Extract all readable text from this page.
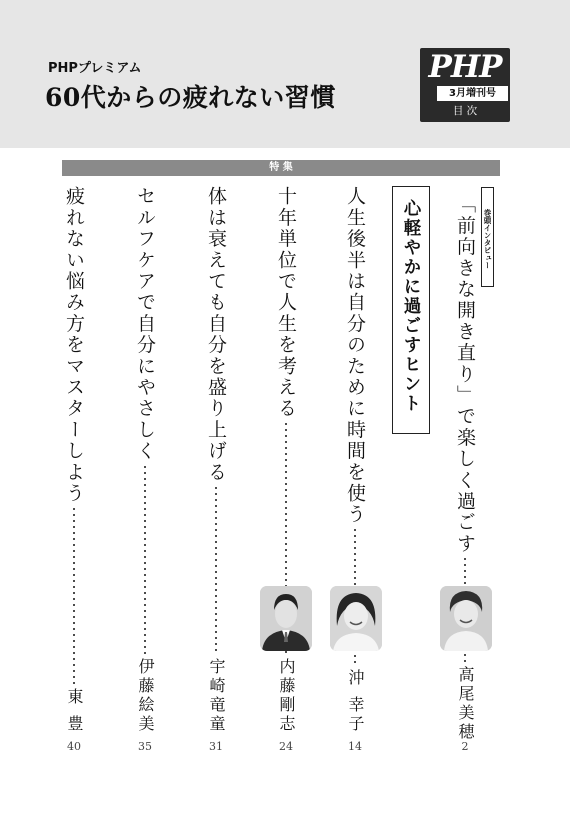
PHPプレミアム
60代からの疲れない習慣
PHP
3月増刊号
目 次
特 集
巻頭インタビュー
心軽やかに過ごすヒント 「前向きな開き直り」で楽しく過ごす
高尾美穂
2
人生後半は自分のために時間を使う
沖 幸子
14
十年単位で人生を考える
内藤剛志
24
体は衰えても自分を盛り上げる
宇崎竜童
31
セルフケアで自分にやさしく
伊藤絵美
35
疲れない悩み方をマスターしよう
東 豊
40
